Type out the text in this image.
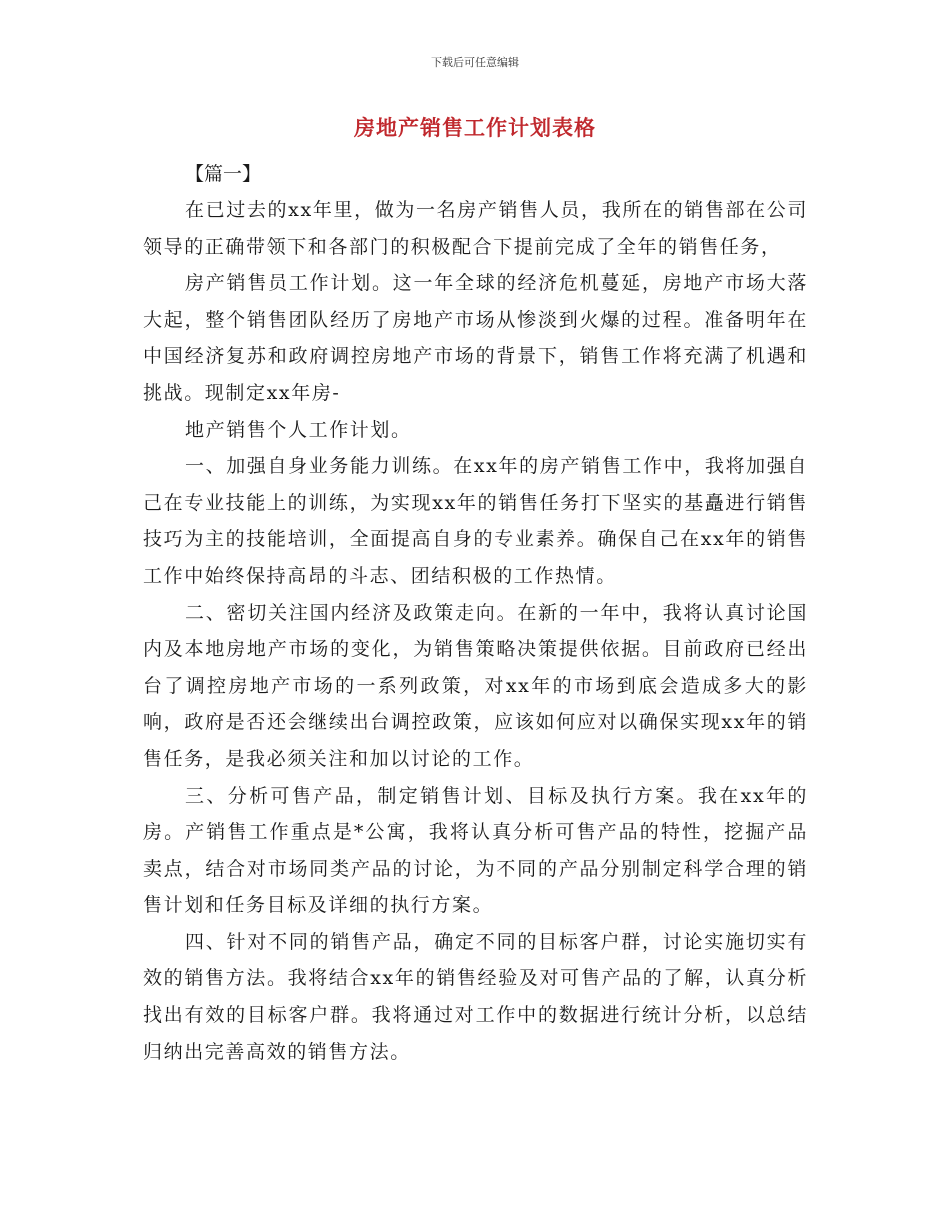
下载后可任意编辑
房地产销售工作计划表格
【篇一】

在已过去的xx年里，做为一名房产销售人员，我所在的销售部在公司领导的正确带领下和各部门的积极配合下提前完成了全年的销售任务，

房产销售员工作计划。这一年全球的经济危机蔓延，房地产市场大落大起，整个销售团队经历了房地产市场从惨淡到火爆的过程。准备明年在中国经济复苏和政府调控房地产市场的背景下，销售工作将充满了机遇和挑战。现制定xx年房-

地产销售个人工作计划。

一、加强自身业务能力训练。在xx年的房产销售工作中，我将加强自己在专业技能上的训练，为实现xx年的销售任务打下坚实的基矗进行销售技巧为主的技能培训，全面提高自身的专业素养。确保自己在xx年的销售工作中始终保持高昂的斗志、团结积极的工作热情。

二、密切关注国内经济及政策走向。在新的一年中，我将认真讨论国内及本地房地产市场的变化，为销售策略决策提供依据。目前政府已经出台了调控房地产市场的一系列政策，对xx年的市场到底会造成多大的影响，政府是否还会继续出台调控政策，应该如何应对以确保实现xx年的销售任务，是我必须关注和加以讨论的工作。

三、分析可售产品，制定销售计划、目标及执行方案。我在xx年的房。产销售工作重点是*公寓，我将认真分析可售产品的特性，挖掘产品卖点，结合对市场同类产品的讨论，为不同的产品分别制定科学合理的销售计划和任务目标及详细的执行方案。

四、针对不同的销售产品，确定不同的目标客户群，讨论实施切实有效的销售方法。我将结合xx年的销售经验及对可售产品的了解，认真分析找出有效的目标客户群。我将通过对工作中的数据进行统计分析，以总结归纳出完善高效的销售方法。
